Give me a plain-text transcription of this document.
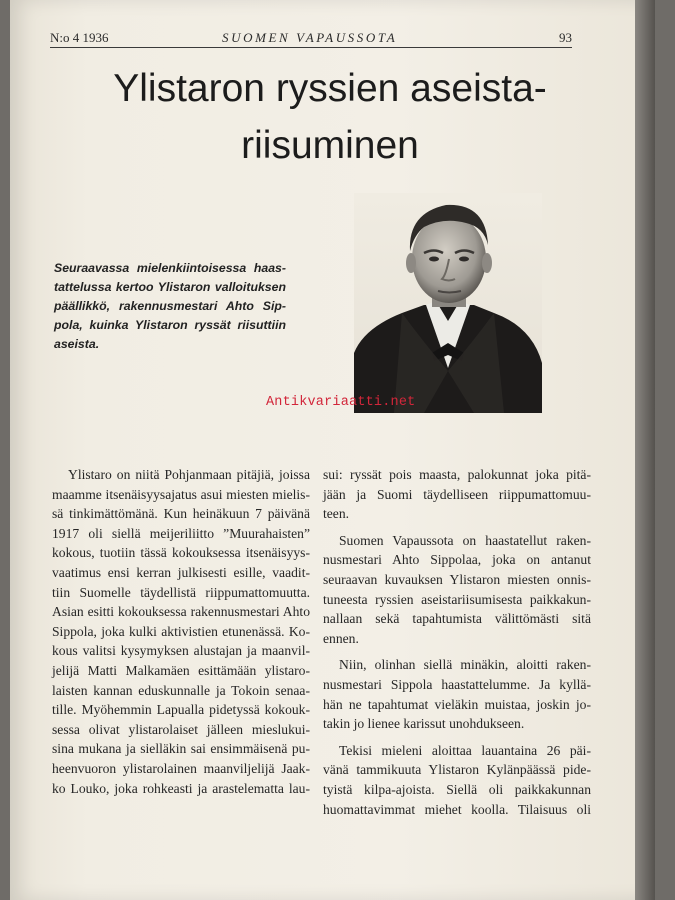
N:o 4 1936	SUOMEN VAPAUSSOTA	93
Ylistaron ryssien aseista-
riisuminen
Seuraavassa mielenkiintoisessa haas-
tattelussa kertoo Ylistaron valloituksen
päällikkö, rakennusmestari Ahto Sip-
pola, kuinka Ylistaron ryssät riisuttiin
aseista.
Antikvariaatti.net
Ylistaro on niitä Pohjanmaan pitäjiä, joissa
maamme itsenäisyysajatus asui miesten mielis-
sä tinkimättömänä. Kun heinäkuun 7 päivänä
1917 oli siellä meijeriliitto ”Muurahaisten”
kokous, tuotiin tässä kokouksessa itsenäisyys-
vaatimus ensi kerran julkisesti esille, vaadit-
tiin Suomelle täydellistä riippumattomuutta.
Asian esitti kokouksessa rakennusmestari Ahto
Sippola, joka kulki aktivistien etunenässä. Ko-
kous valitsi kysymyksen alustajan ja maanvil-
jelijä Matti Malkamäen esittämään ylistaro-
laisten kannan eduskunnalle ja Tokoin senaa-
tille. Myöhemmin Lapualla pidetyssä kokouk-
sessa olivat ylistarolaiset jälleen mieslukui-
sina mukana ja sielläkin sai ensimmäisenä pu-
heenvuoron ylistarolainen maanviljelijä Jaak-
ko Louko, joka rohkeasti ja arastelematta lau-
sui: ryssät pois maasta, palokunnat joka pitä-
jään ja Suomi täydelliseen riippumattomuu-
teen.
Suomen Vapaussota on haastatellut raken-
nusmestari Ahto Sippolaa, joka on antanut
seuraavan kuvauksen Ylistaron miesten onnis-
tuneesta ryssien aseistariisumisesta paikkakun-
nallaan sekä tapahtumista välittömästi sitä
ennen.
Niin, olinhan siellä minäkin, aloitti raken-
nusmestari Sippola haastattelumme. Ja kyllä-
hän ne tapahtumat vieläkin muistaa, joskin jo-
takin jo lienee karissut unohdukseen.
Tekisi mieleni aloittaa lauantaina 26 päi-
vänä tammikuuta Ylistaron Kylänpäässä pide-
tyistä kilpa-ajoista. Siellä oli paikkakunnan
huomattavimmat miehet koolla. Tilaisuus oli
